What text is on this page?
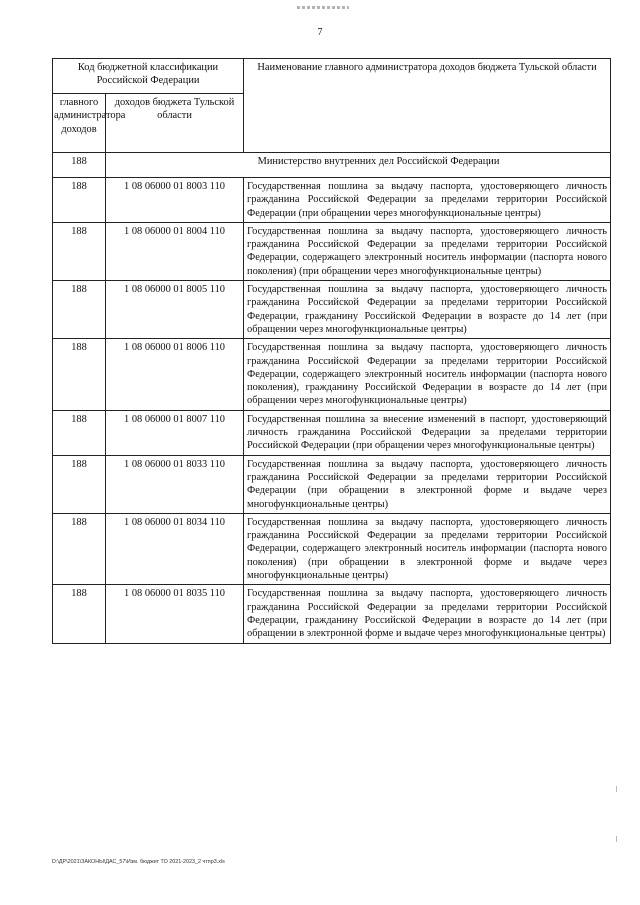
7
Код бюджетной классификации Российской Федерации		Наименование главного администратора доходов бюджета Тульской области
главного администратора доходов	доходов бюджета Тульской области	
188	Министерство внутренних дел Российской Федерации	
188	1 08 06000 01 8003 110	Государственная пошлина за выдачу паспорта, удостоверяющего личность гражданина Российской Федерации за пределами территории Российской Федерации (при обращении через многофункциональные центры)
188	1 08 06000 01 8004 110	Государственная пошлина за выдачу паспорта, удостоверяющего личность гражданина Российской Федерации за пределами территории Российской Федерации, содержащего электронный носитель информации (паспорта нового поколения) (при обращении через многофункциональные центры)
188	1 08 06000 01 8005 110	Государственная пошлина за выдачу паспорта, удостоверяющего личность гражданина Российской Федерации за пределами территории Российской Федерации, гражданину Российской Федерации в возрасте до 14 лет (при обращении через многофункциональные центры)
188	1 08 06000 01 8006 110	Государственная пошлина за выдачу паспорта, удостоверяющего личность гражданина Российской Федерации за пределами территории Российской Федерации, содержащего электронный носитель информации (паспорта нового поколения), гражданину Российской Федерации в возрасте до 14 лет (при обращении через многофункциональные центры)
188	1 08 06000 01 8007 110	Государственная пошлина за внесение изменений в паспорт, удостоверяющий личность гражданина Российской Федерации за пределами территории Российской Федерации (при обращении через многофункциональные центры)
188	1 08 06000 01 8033 110	Государственная пошлина за выдачу паспорта, удостоверяющего личность гражданина Российской Федерации за пределами территории Российской Федерации (при обращении в электронной форме и выдаче через многофункциональные центры)
188	1 08 06000 01 8034 110	Государственная пошлина за выдачу паспорта, удостоверяющего личность гражданина Российской Федерации за пределами территории Российской Федерации, содержащего электронный носитель информации (паспорта нового поколения) (при обращении в электронной форме и выдаче через многофункциональные центры)
188	1 08 06000 01 8035 110	Государственная пошлина за выдачу паспорта, удостоверяющего личность гражданина Российской Федерации за пределами территории Российской Федерации, гражданину Российской Федерации в возрасте до 14 лет (при обращении в электронной форме и выдаче через многофункциональные центры)
D:\ДР\2021\ЗАКОНЫ\ДАС_57\Изм. бюджет ТО 2021-2023_2 чтпр3.xls
